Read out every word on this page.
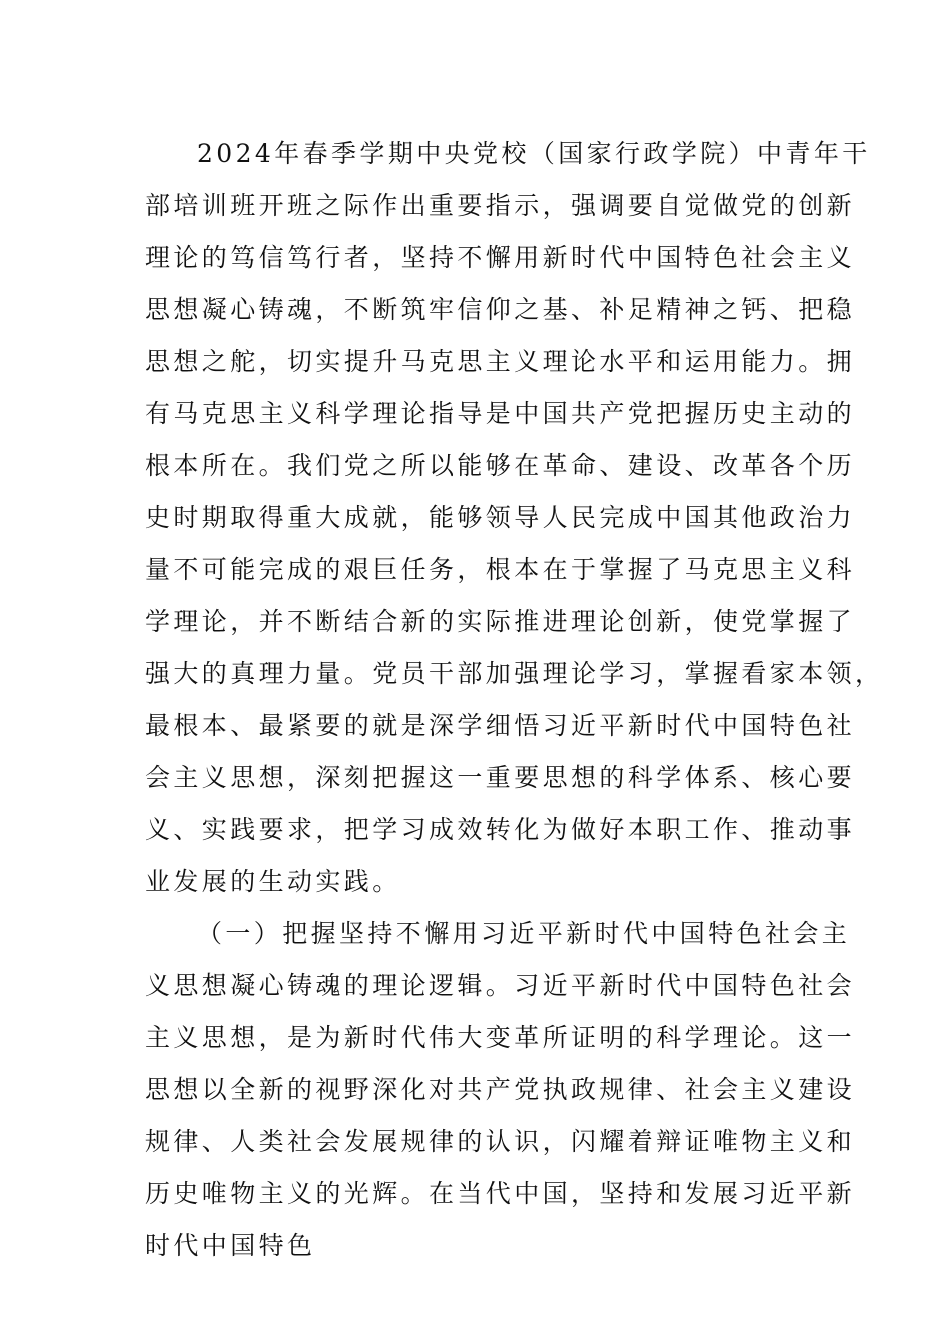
2024年春季学期中央党校（国家行政学院）中青年干
部培训班开班之际作出重要指示，强调要自觉做党的创新
理论的笃信笃行者，坚持不懈用新时代中国特色社会主义
思想凝心铸魂，不断筑牢信仰之基、补足精神之钙、把稳
思想之舵，切实提升马克思主义理论水平和运用能力。拥
有马克思主义科学理论指导是中国共产党把握历史主动的
根本所在。我们党之所以能够在革命、建设、改革各个历
史时期取得重大成就，能够领导人民完成中国其他政治力
量不可能完成的艰巨任务，根本在于掌握了马克思主义科
学理论，并不断结合新的实际推进理论创新，使党掌握了
强大的真理力量。党员干部加强理论学习，掌握看家本领，
最根本、最紧要的就是深学细悟习近平新时代中国特色社
会主义思想，深刻把握这一重要思想的科学体系、核心要
义、实践要求，把学习成效转化为做好本职工作、推动事
业发展的生动实践。
（一）把握坚持不懈用习近平新时代中国特色社会主
义思想凝心铸魂的理论逻辑。习近平新时代中国特色社会
主义思想，是为新时代伟大变革所证明的科学理论。这一
思想以全新的视野深化对共产党执政规律、社会主义建设
规律、人类社会发展规律的认识，闪耀着辩证唯物主义和
历史唯物主义的光辉。在当代中国，坚持和发展习近平新
时代中国特色
